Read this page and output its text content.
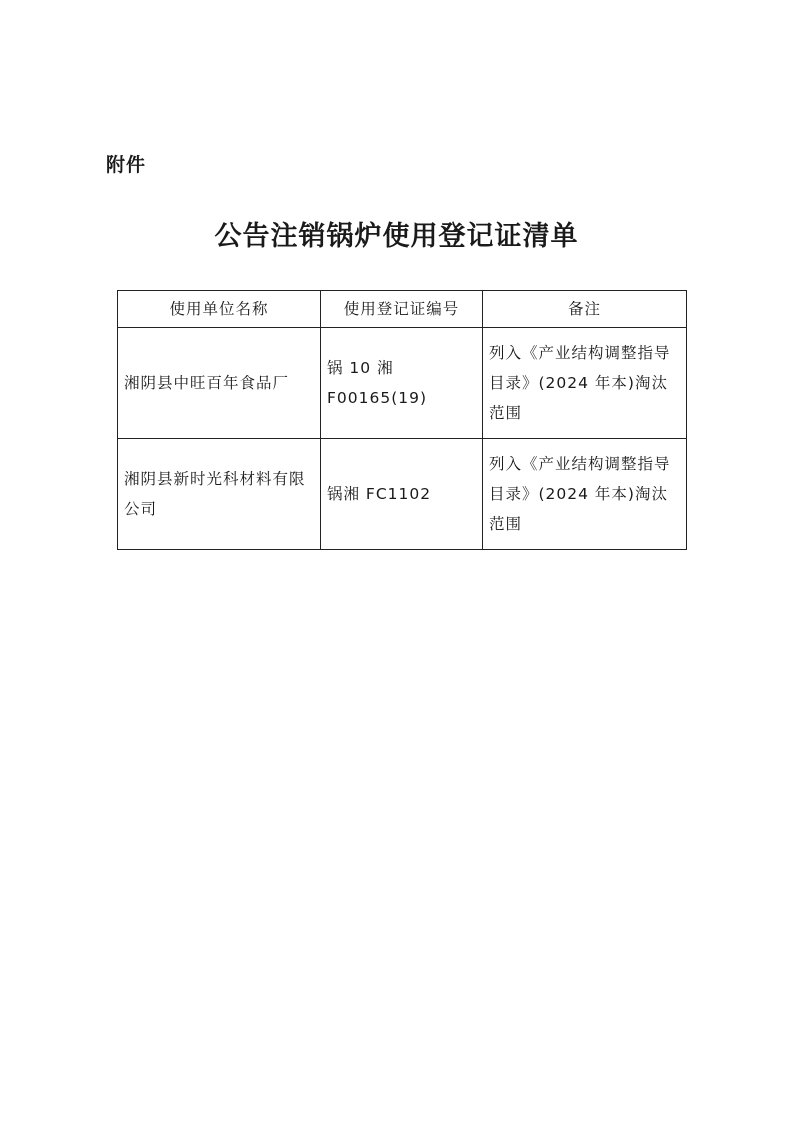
附件
公告注销锅炉使用登记证清单
使用单位名称	使用登记证编号	备注
湘阴县中旺百年食品厂	锅 10 湘 F00165(19)	列入《产业结构调整指导目录》(2024 年本)淘汰范围
湘阴县新时光科材料有限公司	锅湘 FC1102	列入《产业结构调整指导目录》(2024 年本)淘汰范围
